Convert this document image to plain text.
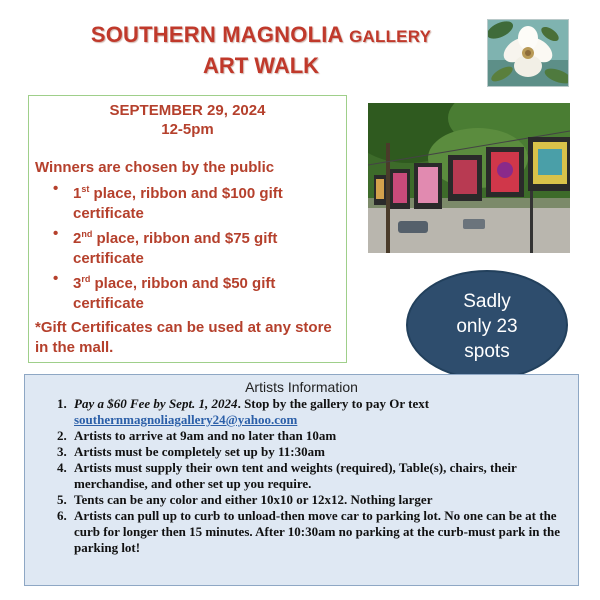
SOUTHERN MAGNOLIA GALLERY
ART WALK
SEPTEMBER 29, 2024
12-5pm
Winners are chosen by the public
• 1st place, ribbon and $100 gift certificate
• 2nd place, ribbon and $75 gift certificate
• 3rd place, ribbon and $50 gift certificate
*Gift Certificates can be used at any store in the mall.
Sadly
only 23
spots
Artists Information
1. Pay a $60 Fee by Sept. 1, 2024. Stop by the gallery to pay Or text
southernmagnoliagallery24@yahoo.com
2. Artists to arrive at 9am and no later than 10am
3. Artists must be completely set up by 11:30am
4. Artists must supply their own tent and weights (required), Table(s), chairs, their merchandise, and other set up you require.
5. Tents can be any color and either 10x10 or 12x12. Nothing larger
6. Artists can pull up to curb to unload-then move car to parking lot. No one can be at the curb for longer then 15 minutes. After 10:30am no parking at the curb-must park in the parking lot!
